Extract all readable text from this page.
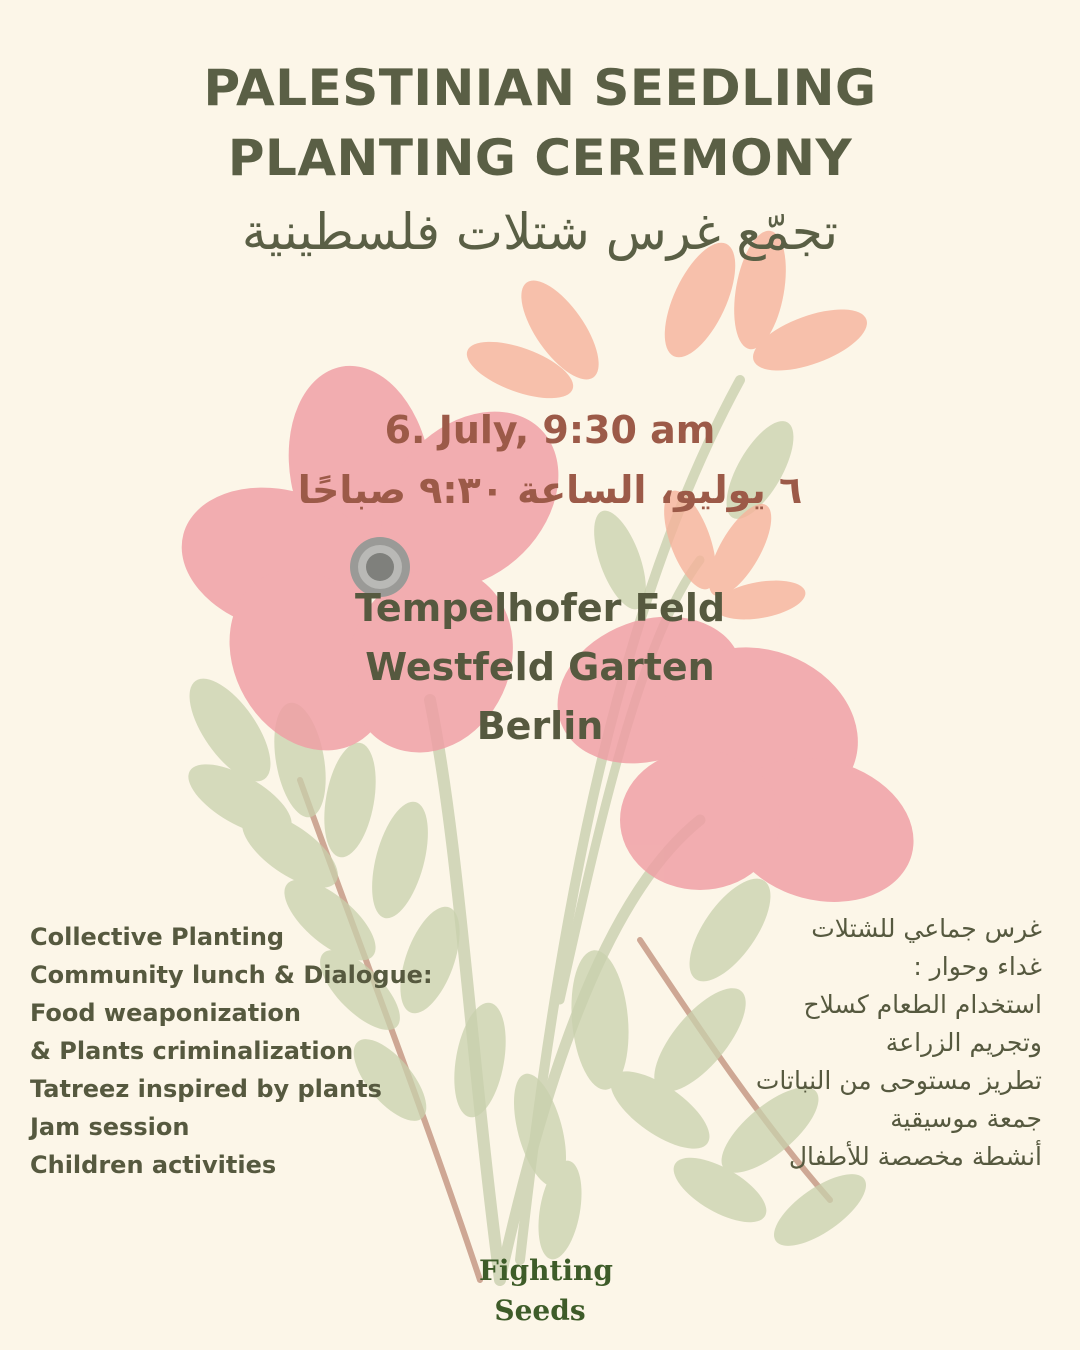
PALESTINIAN SEEDLING
PLANTING CEREMONY
تجمّع غرس شتلات فلسطينية
6. July, 9:30 am
٦ يوليو، الساعة ٩:٣٠ صباحًا
Tempelhofer Feld
Westfeld Garten
Berlin
Collective Planting
Community lunch & Dialogue:
Food weaponization
& Plants criminalization
Tatreez inspired by plants
Jam session
Children activities
غرس جماعي للشتلات
غداء وحوار :
استخدام الطعام كسلاح
وتجريم الزراعة
تطريز مستوحى من النباتات
جمعة موسيقية
أنشطة مخصصة للأطفال
Fighting
Seeds
